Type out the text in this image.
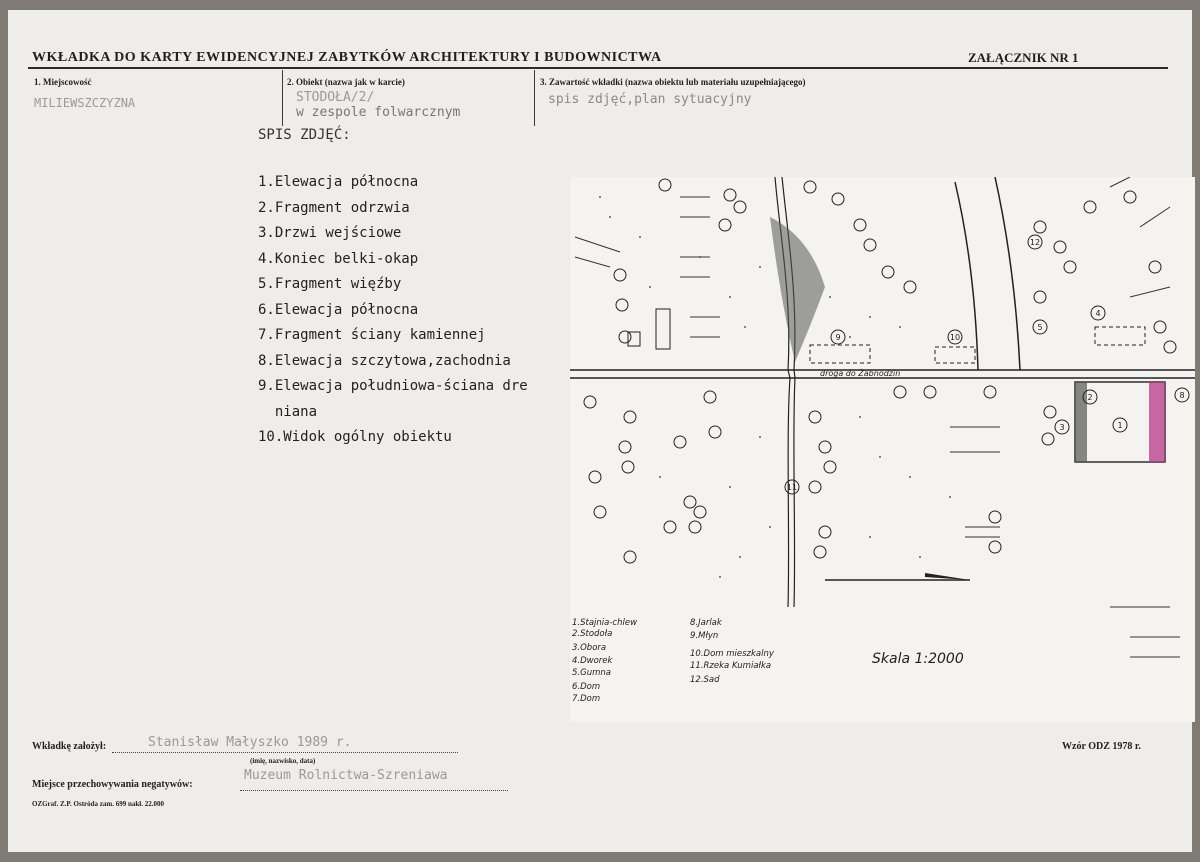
WKŁADKA DO KARTY EWIDENCYJNEJ ZABYTKÓW ARCHITEKTURY I BUDOWNICTWA	ZAŁĄCZNIK NR 1
1. Miejscowość
MILIEWSZCZYZNA
2. Obiekt (nazwa jak w karcie)
STODOŁA/2/
w zespole folwarcznym
3. Zawartość wkładki (nazwa obiektu lub materiału uzupełniającego)
spis zdjęć,plan sytuacyjny
SPIS ZDJĘĆ:
1.Elewacja północna
2.Fragment odrzwia
3.Drzwi wejściowe
4.Koniec belki-okap
5.Fragment więźby
6.Elewacja północna
7.Fragment ściany kamiennej
8.Elewacja szczytowa,zachodnia
9.Elewacja południowa-ściana dre
niana
10.Widok ogólny obiektu
droga do Żabnodzin
1
2
3
4
5
8
9	10
11
12
1.Stajnia-chlew
2.Stodoła
3.Obora
4.Dworek
5.Gumna
6.Dom
7.Dom
8.Jarlak
9.Młyn
10.Dom mieszkalny
11.Rzeka Kumiałka
12.Sad
Skala 1:2000
Wkładkę założył:	Stanisław Małyszko 1989 r.
(imię, nazwisko, data)
Miejsce przechowywania negatywów:
Muzeum Rolnictwa-Szreniawa
OZGraf. Z.P. Ostróda zam. 699 nakł. 22.000
Wzór ODZ 1978 r.
